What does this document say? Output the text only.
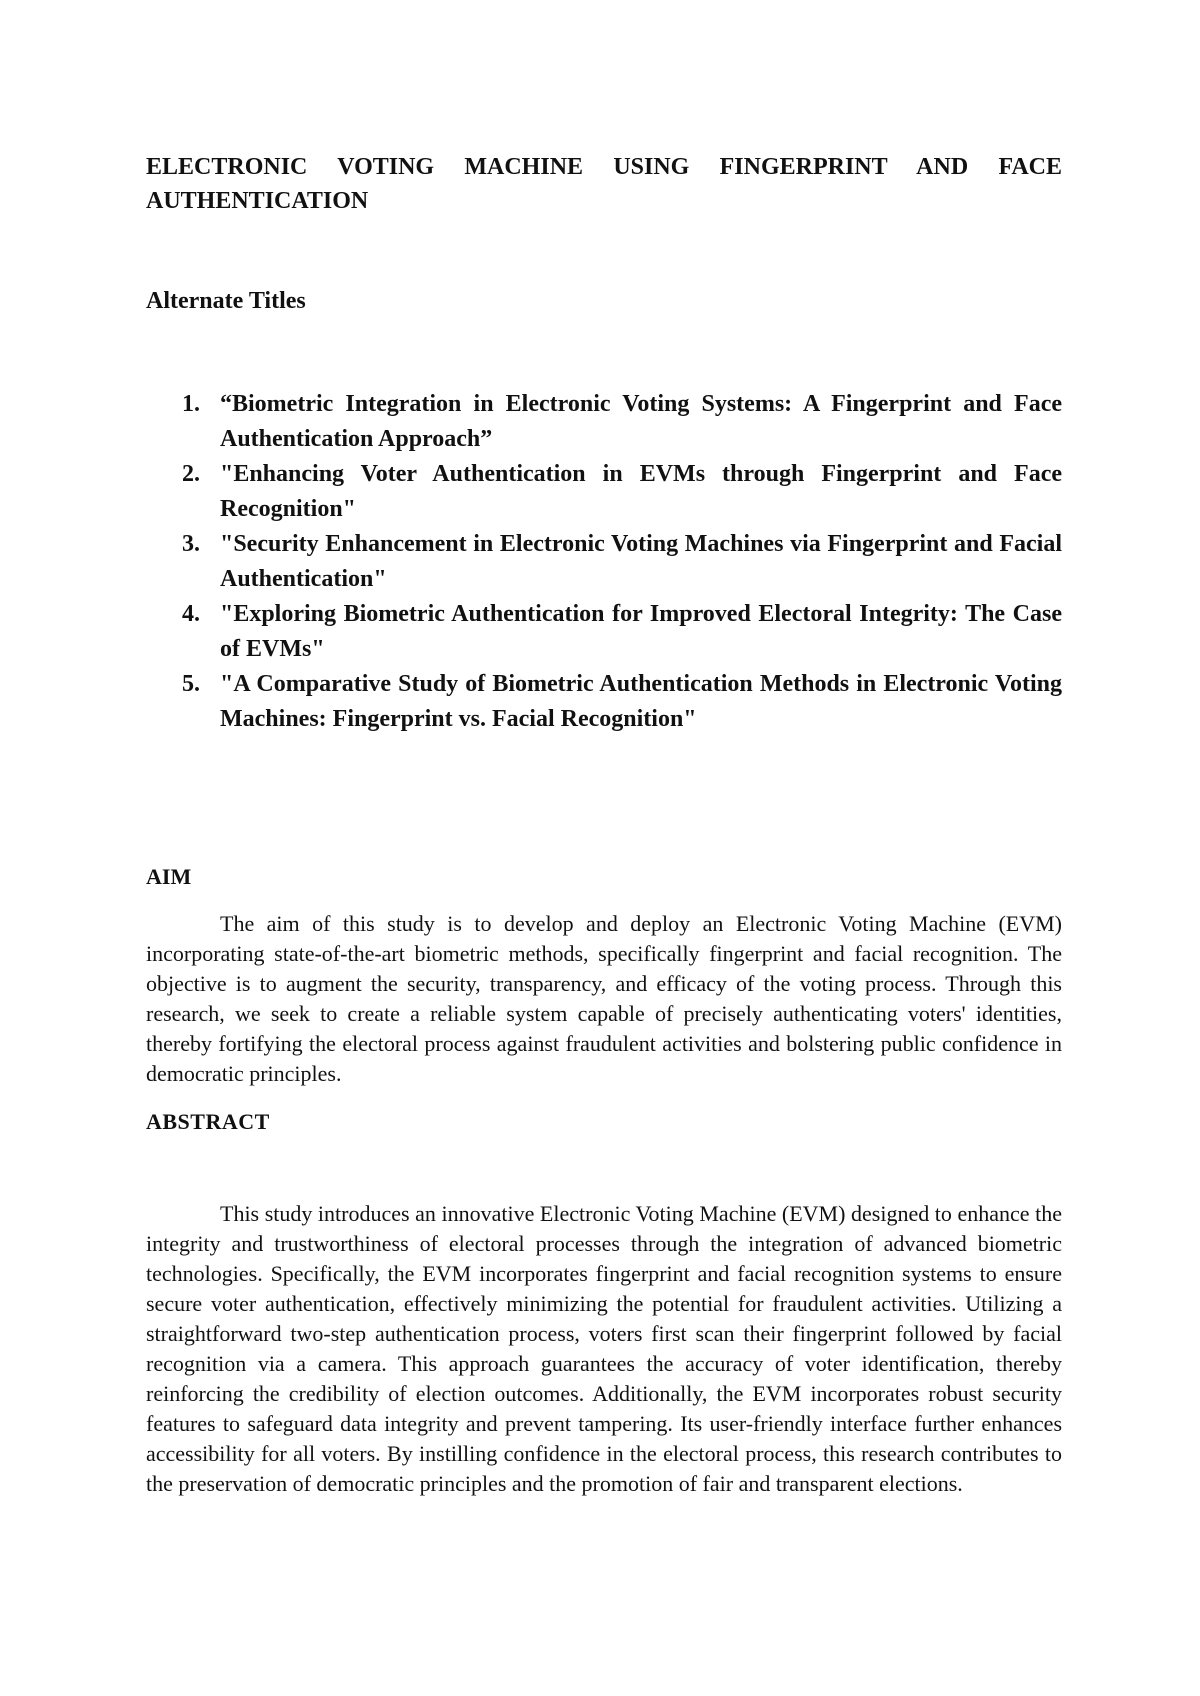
ELECTRONIC VOTING MACHINE USING FINGERPRINT AND FACE AUTHENTICATION
Alternate Titles
1. “Biometric Integration in Electronic Voting Systems: A Fingerprint and Face Authentication Approach”
2. "Enhancing Voter Authentication in EVMs through Fingerprint and Face Recognition"
3. "Security Enhancement in Electronic Voting Machines via Fingerprint and Facial Authentication"
4. "Exploring Biometric Authentication for Improved Electoral Integrity: The Case of EVMs"
5. "A Comparative Study of Biometric Authentication Methods in Electronic Voting Machines: Fingerprint vs. Facial Recognition"
AIM

The aim of this study is to develop and deploy an Electronic Voting Machine (EVM) incorporating state-of-the-art biometric methods, specifically fingerprint and facial recognition. The objective is to augment the security, transparency, and efficacy of the voting process. Through this research, we seek to create a reliable system capable of precisely authenticating voters' identities, thereby fortifying the electoral process against fraudulent activities and bolstering public confidence in democratic principles.

ABSTRACT

This study introduces an innovative Electronic Voting Machine (EVM) designed to enhance the integrity and trustworthiness of electoral processes through the integration of advanced biometric technologies. Specifically, the EVM incorporates fingerprint and facial recognition systems to ensure secure voter authentication, effectively minimizing the potential for fraudulent activities. Utilizing a straightforward two-step authentication process, voters first scan their fingerprint followed by facial recognition via a camera. This approach guarantees the accuracy of voter identification, thereby reinforcing the credibility of election outcomes. Additionally, the EVM incorporates robust security features to safeguard data integrity and prevent tampering. Its user-friendly interface further enhances accessibility for all voters. By instilling confidence in the electoral process, this research contributes to the preservation of democratic principles and the promotion of fair and transparent elections.
